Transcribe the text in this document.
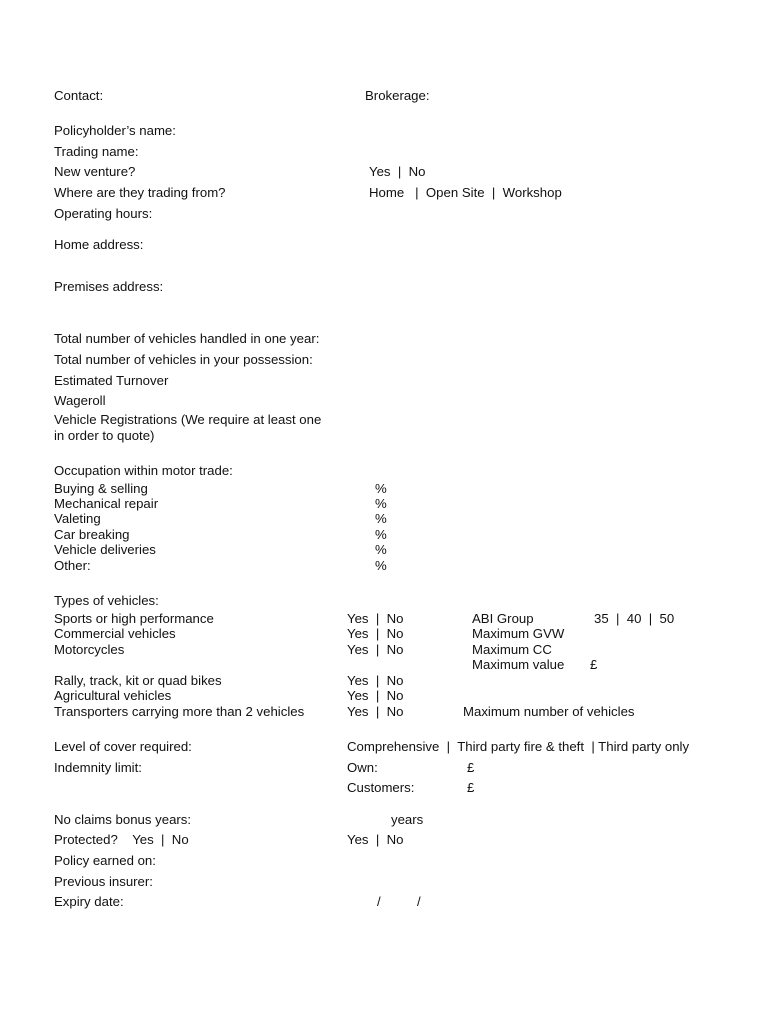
Contact:	Brokerage:
Policyholder’s name:
Trading name:
New venture?	Yes  |  No
Where are they trading from?	Home   |  Open Site  |  Workshop
Operating hours:
Home address:
Premises address:
Total number of vehicles handled in one year:
Total number of vehicles in your possession:
Estimated Turnover
Wageroll
Vehicle Registrations (We require at least one
in order to quote)
Occupation within motor trade:
Buying & selling	%
Mechanical repair	%
Valeting	%
Car breaking	%
Vehicle deliveries	%
Other:	%
Types of vehicles:
Sports or high performance	Yes  |  No	ABI Group	35  |  40  |  50
Commercial vehicles	Yes  |  No	Maximum GVW
Motorcycles	Yes  |  No	Maximum CC
Maximum value £
Rally, track, kit or quad bikes	Yes  |  No
Agricultural vehicles	Yes  |  No
Transporters carrying more than 2 vehicles	Yes  |  No	Maximum number of vehicles
Level of cover required:	Comprehensive  |  Third party fire & theft  | Third party only
Indemnity limit:	Own:	£
Customers:	£
No claims bonus years:	years
Protected?    Yes  |  No	Yes  |  No
Policy earned on:
Previous insurer:
Expiry date:	/	/
